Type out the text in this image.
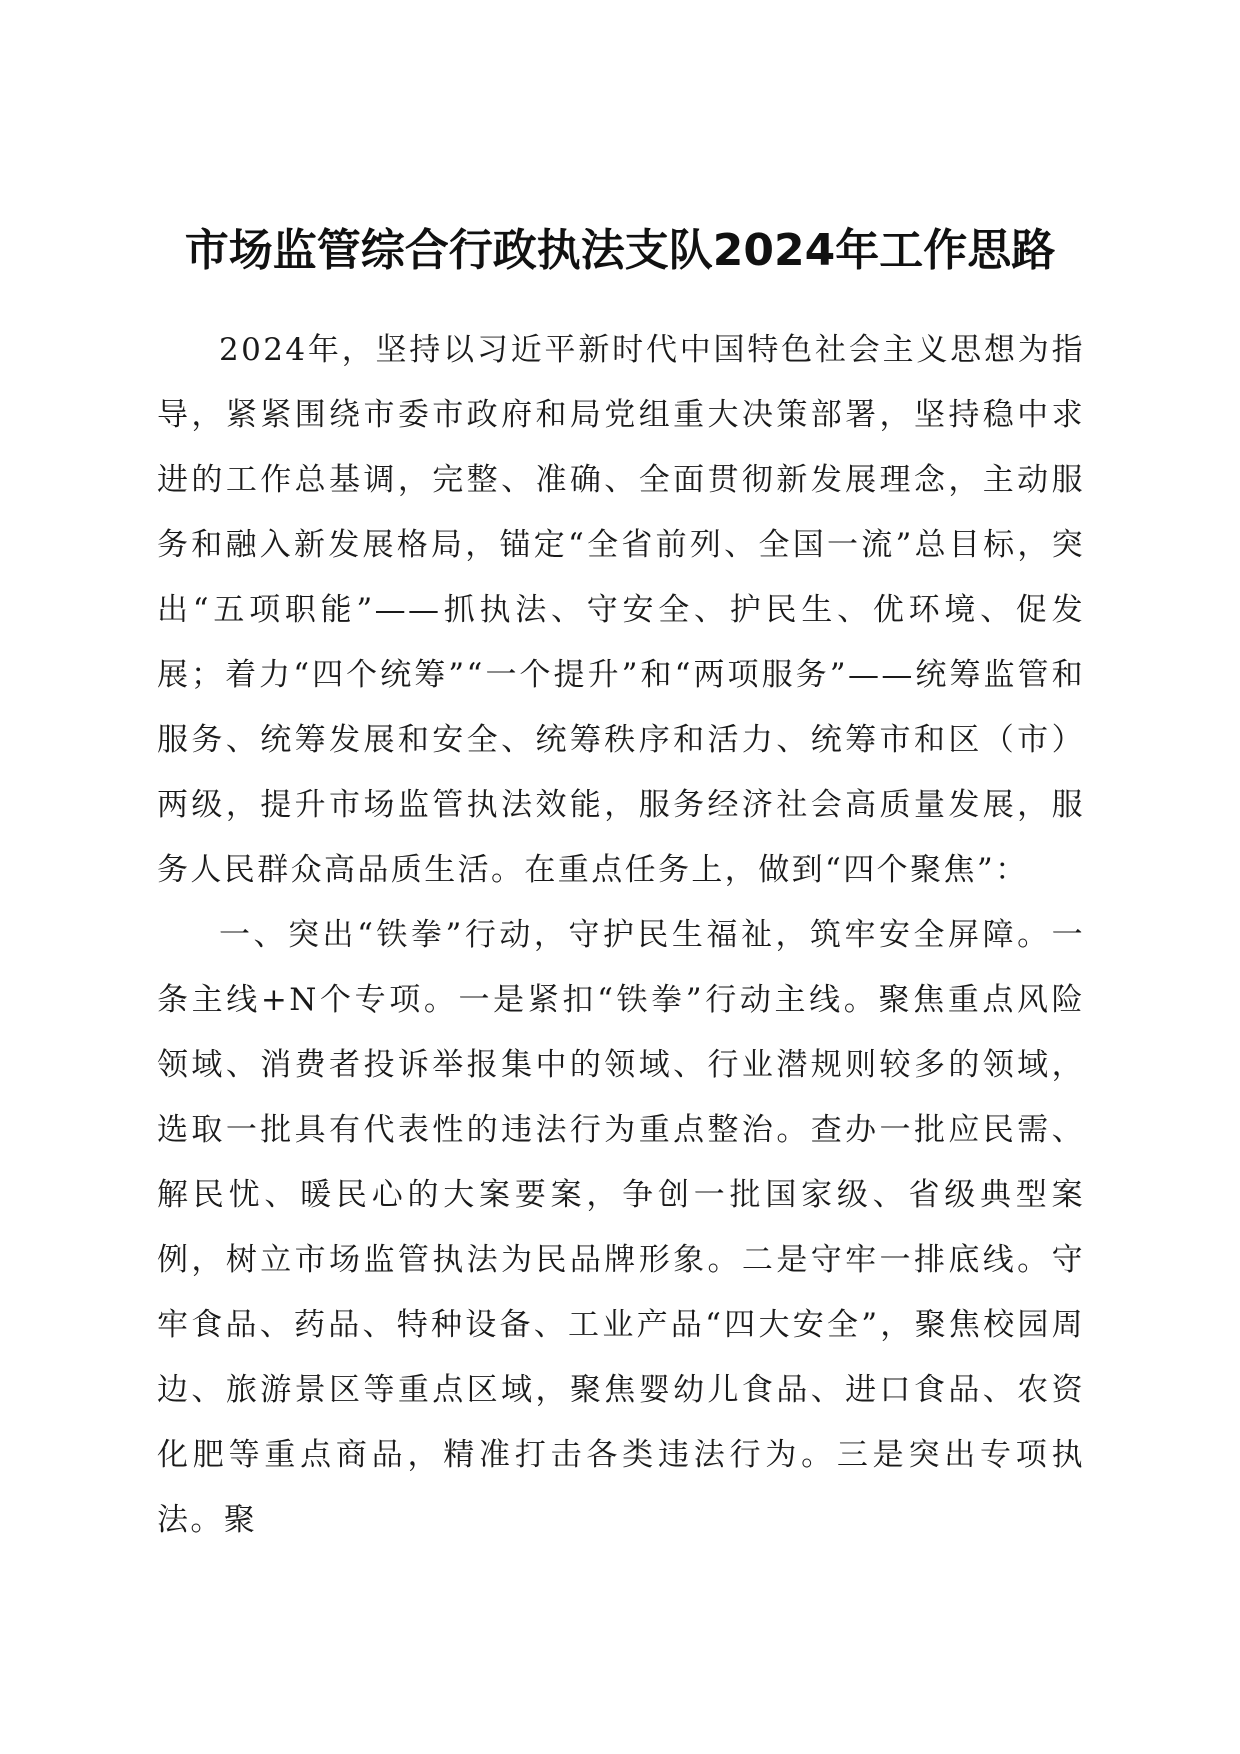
市场监管综合行政执法支队2024年工作思路

2024年，坚持以习近平新时代中国特色社会主义思想为指导，紧紧围绕市委市政府和局党组重大决策部署，坚持稳中求进的工作总基调，完整、准确、全面贯彻新发展理念，主动服务和融入新发展格局，锚定“全省前列、全国一流”总目标，突出“五项职能”——抓执法、守安全、护民生、优环境、促发展；着力“四个统筹”“一个提升”和“两项服务”——统筹监管和服务、统筹发展和安全、统筹秩序和活力、统筹市和区（市）两级，提升市场监管执法效能，服务经济社会高质量发展，服务人民群众高品质生活。在重点任务上，做到“四个聚焦”：

一、突出“铁拳”行动，守护民生福祉，筑牢安全屏障。一条主线+N个专项。一是紧扣“铁拳”行动主线。聚焦重点风险领域、消费者投诉举报集中的领域、行业潜规则较多的领域，选取一批具有代表性的违法行为重点整治。查办一批应民需、解民忧、暖民心的大案要案，争创一批国家级、省级典型案例，树立市场监管执法为民品牌形象。二是守牢一排底线。守牢食品、药品、特种设备、工业产品“四大安全”，聚焦校园周边、旅游景区等重点区域，聚焦婴幼儿食品、进口食品、农资化肥等重点商品，精准打击各类违法行为。三是突出专项执法。聚
